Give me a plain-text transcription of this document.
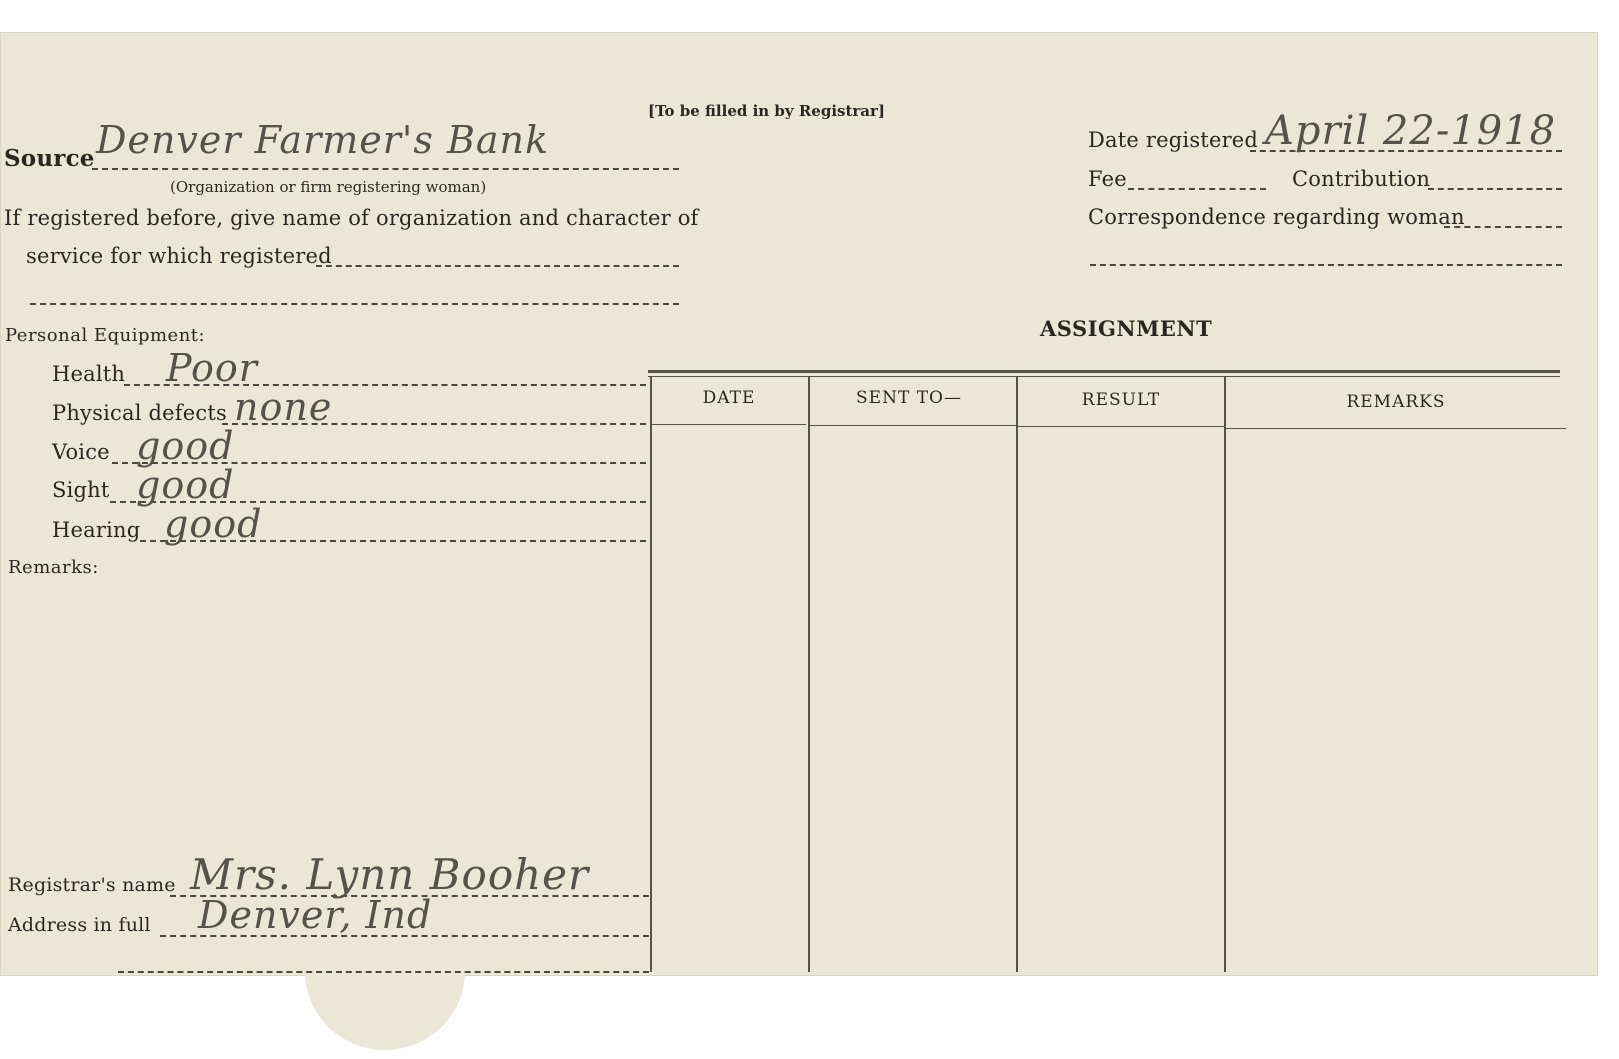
[To be filled in by Registrar]
Source Denver Farmer's Bank
(Organization or firm registering woman)
If registered before, give name of organization and character of
service for which registered
Personal Equipment:
Health Poor
Physical defects none
Voice good
Sight good
Hearing good
Remarks:
Registrar's name Mrs. Lynn Booher
Address in full Denver, Ind
Date registered April 22-1918
Fee	Contribution
Correspondence regarding woman
ASSIGNMENT
DATE	SENT TO—	RESULT	REMARKS
